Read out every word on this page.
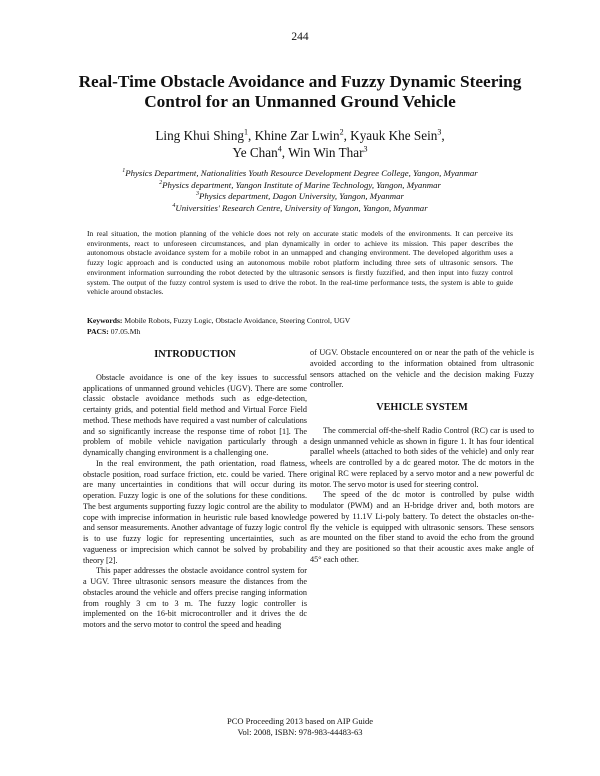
244
Real-Time Obstacle Avoidance and Fuzzy Dynamic Steering
Control for an Unmanned Ground Vehicle
Ling Khui Shing$^1$, Khine Zar Lwin$^2$, Kyauk Khe Sein$^3$,
Ye Chan$^4$, Win Win Thar$^3$
$^1$Physics Department, Nationalities Youth Resource Development Degree College, Yangon, Myanmar
$^2$Physics department, Yangon Institute of Marine Technology, Yangon, Myanmar
$^3$Physics department, Dagon University, Yangon, Myanmar
$^4$Universities' Research Centre, University of Yangon, Yangon, Myanmar
In real situation, the motion planning of the vehicle does not rely on accurate static models of the environments. It can perceive its environments, react to unforeseen circumstances, and plan dynamically in order to achieve its mission. This paper describes the autonomous obstacle avoidance system for a mobile robot in an unmapped and changing environment. The developed algorithm uses a fuzzy logic approach and is conducted using an autonomous mobile robot platform including three sets of ultrasonic sensors. The environment information surrounding the robot detected by the ultrasonic sensors is firstly fuzzified, and then input into fuzzy control system. The output of the fuzzy control system is used to drive the robot. In the real-time performance tests, the system is able to guide vehicle around obstacles.
Keywords: Mobile Robots, Fuzzy Logic, Obstacle Avoidance, Steering Control, UGV
PACS: 07.05.Mh

INTRODUCTION

Obstacle avoidance is one of the key issues to successful applications of unmanned ground vehicles (UGV). There are some classic obstacle avoidance methods such as edge-detection, certainty grids, and potential field method and Virtual Force Field method. These methods have required a vast number of calculations and so significantly increase the response time of robot [1]. The problem of mobile vehicle navigation particularly through a dynamically changing environment is a challenging one.

In the real environment, the path orientation, road flatness, obstacle position, road surface friction, etc. could be varied. There are many uncertainties in conditions that will occur during its operation. Fuzzy logic is one of the solutions for these conditions. The best arguments supporting fuzzy logic control are the ability to cope with imprecise information in heuristic rule based knowledge and sensor measurements. Another advantage of fuzzy logic control is to use fuzzy logic for representing uncertainties, such as vagueness or imprecision which cannot be solved by probability theory [2].

This paper addresses the obstacle avoidance control system for a UGV. Three ultrasonic sensors measure the distances from the obstacles around the vehicle and offers precise ranging information from roughly 3 cm to 3 m. The fuzzy logic controller is implemented on the 16-bit microcontroller and it drives the dc motors and the servo motor to control the speed and heading

of UGV. Obstacle encountered on or near the path of the vehicle is avoided according to the information obtained from ultrasonic sensors attached on the vehicle and the decision making Fuzzy controller.

VEHICLE SYSTEM

The commercial off-the-shelf Radio Control (RC) car is used to design unmanned vehicle as shown in figure 1. It has four identical parallel wheels (attached to both sides of the vehicle) and only rear wheels are controlled by a dc geared motor. The dc motors in the original RC were replaced by a servo motor and a new powerful dc motor. The servo motor is used for steering control.

The speed of the dc motor is controlled by pulse width modulator (PWM) and an H-bridge driver and, both motors are powered by 11.1V Li-poly battery. To detect the obstacles on-the-fly the vehicle is equipped with ultrasonic sensors. These sensors are mounted on the fiber stand to avoid the echo from the ground and they are positioned so that their acoustic axes make angle of 45° each other.

PCO Proceeding 2013 based on AIP Guide
Vol: 2008, ISBN: 978-983-44483-63
